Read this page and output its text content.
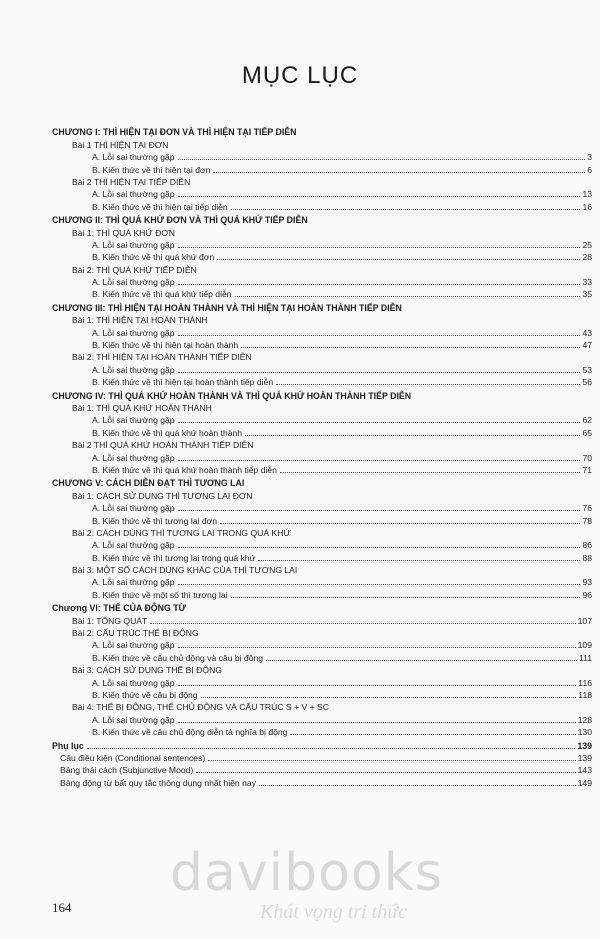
MỤC LỤC
CHƯƠNG I: THÌ HIỆN TẠI ĐƠN VÀ THÌ HIỆN TẠI TIẾP DIỄN
Bài 1 THÌ HIỆN TẠI ĐƠN
A. Lỗi sai thường gặp	3
B. Kiến thức về thì hiện tại đơn	6
Bài 2 THÌ HIỆN TẠI TIẾP DIỄN
A. Lỗi sai thường gặp	13
B. Kiến thức về thì hiện tại tiếp diễn	16
CHƯƠNG II: THÌ QUÁ KHỨ ĐƠN VÀ THÌ QUÁ KHỨ TIẾP DIỄN
Bài 1: THÌ QUÁ KHỨ ĐƠN
A. Lỗi sai thường gặp	25
B. Kiến thức về thì quá khứ đơn	28
Bài 2: THÌ QUÁ KHỨ TIẾP DIỄN
A. Lỗi sai thường gặp	33
B. Kiến thức về thì quá khứ tiếp diễn	35
CHƯƠNG III: THÌ HIỆN TẠI HOÀN THÀNH VÀ THÌ HIỆN TẠI HOÀN THÀNH TIẾP DIỄN
Bài 1: THÌ HIỆN TẠI HOÀN THÀNH
A. Lỗi sai thường gặp	43
B. Kiến thức về thì hiện tại hoàn thành	47
Bài 2: THÌ HIỆN TẠI HOÀN THÀNH TIẾP DIỄN
A. Lỗi sai thường gặp	53
B. Kiến thức về thì hiện tại hoàn thành tiếp diễn	56
CHƯƠNG IV: THÌ QUÁ KHỨ HOÀN THÀNH VÀ THÌ QUÁ KHỨ HOÀN THÀNH TIẾP DIỄN
Bài 1: THÌ QUÁ KHỨ HOÀN THÀNH
A. Lỗi sai thường gặp	62
B. Kiến thức về thì quá khứ hoàn thành	65
Bài 2 THÌ QUÁ KHỨ HOÀN THÀNH TIẾP DIỄN
A. Lỗi sai thường gặp	70
B. Kiến thức về thì quá khứ hoàn thành tiếp diễn	71
CHƯƠNG V: CÁCH DIỄN ĐẠT THÌ TƯƠNG LAI
Bài 1: CÁCH SỬ DỤNG THÌ TƯƠNG LAI ĐƠN
A. Lỗi sai thường gặp	76
B. Kiến thức về thì tương lai đơn	78
Bài 2: CÁCH DÙNG THÌ TƯƠNG LAI TRONG QUÁ KHỨ
A. Lỗi sai thường gặp	86
B. Kiến thức về thì tương lai trong quá khứ	88
Bài 3: MỘT SỐ CÁCH DÙNG KHÁC CỦA THÌ TƯƠNG LAI
A. Lỗi sai thường gặp	93
B. Kiến thức về một số thì tương lai	96
Chương VI: THỂ CỦA ĐỘNG TỪ
Bài 1: TỔNG QUÁT	107
Bài 2: CẤU TRÚC THỂ BỊ ĐỘNG
A. Lỗi sai thường gặp	109
B. Kiến thức về câu chủ động và câu bị động	111
Bài 3: CÁCH SỬ DỤNG THỂ BỊ ĐỘNG
A. Lỗi sai thường gặp	116
B. Kiến thức về câu bị động	118
Bài 4: THỂ BỊ ĐỘNG, THỂ CHỦ ĐỘNG VÀ CẤU TRÚC S + V + SC
A. Lỗi sai thường gặp	128
B. Kiến thức về câu chủ động diễn tả nghĩa bị động	130
Phụ lục	139
Câu điều kiện (Conditional sentences)	139
Bảng thái cách (Subjunctive Mood)	143
Bảng động từ bất quy tắc thông dụng nhất hiện nay	149
164
davibooks
Khát vọng tri thức
